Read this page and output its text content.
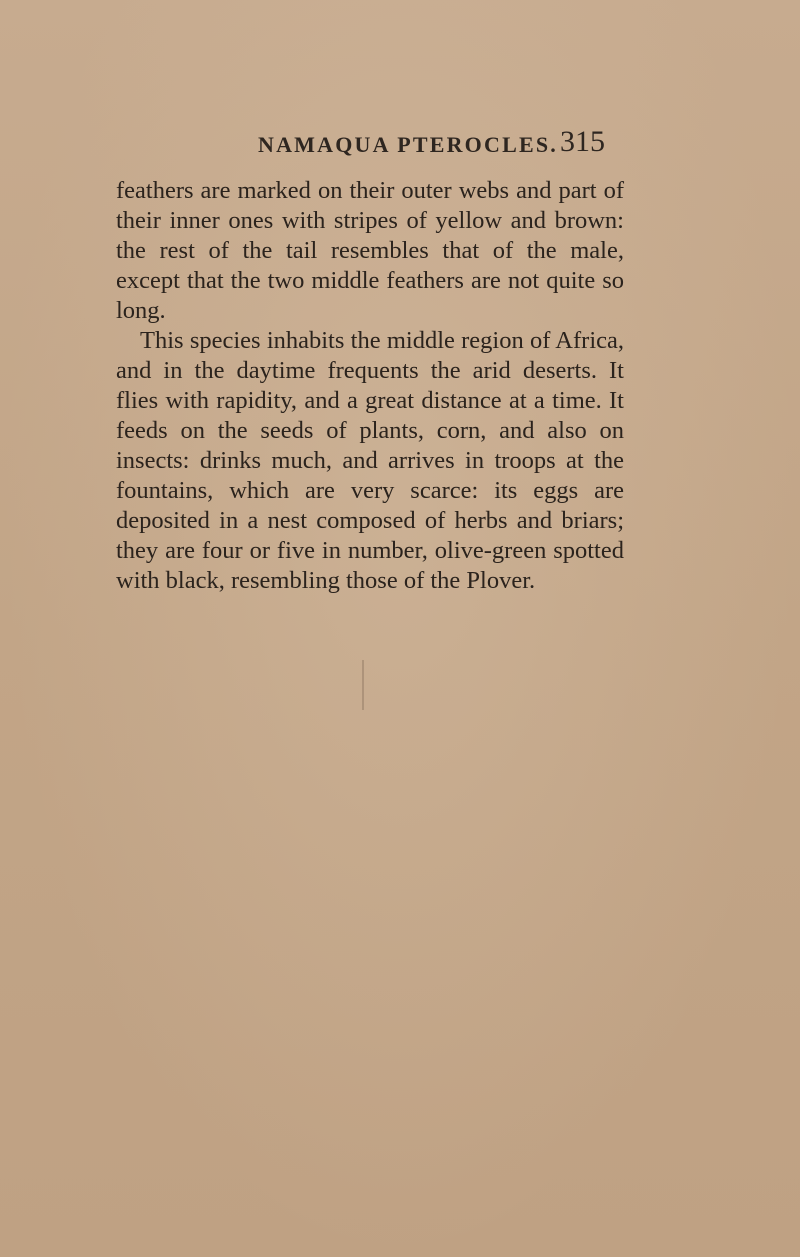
NAMAQUA PTEROCLES. 315

feathers are marked on their outer webs and part of their inner ones with stripes of yellow and brown: the rest of the tail resembles that of the male, except that the two middle feathers are not quite so long.

This species inhabits the middle region of Africa, and in the daytime frequents the arid deserts. It flies with rapidity, and a great distance at a time. It feeds on the seeds of plants, corn, and also on insects: drinks much, and arrives in troops at the fountains, which are very scarce: its eggs are deposited in a nest composed of herbs and briars; they are four or five in number, olive-green spotted with black, resembling those of the Plover.
